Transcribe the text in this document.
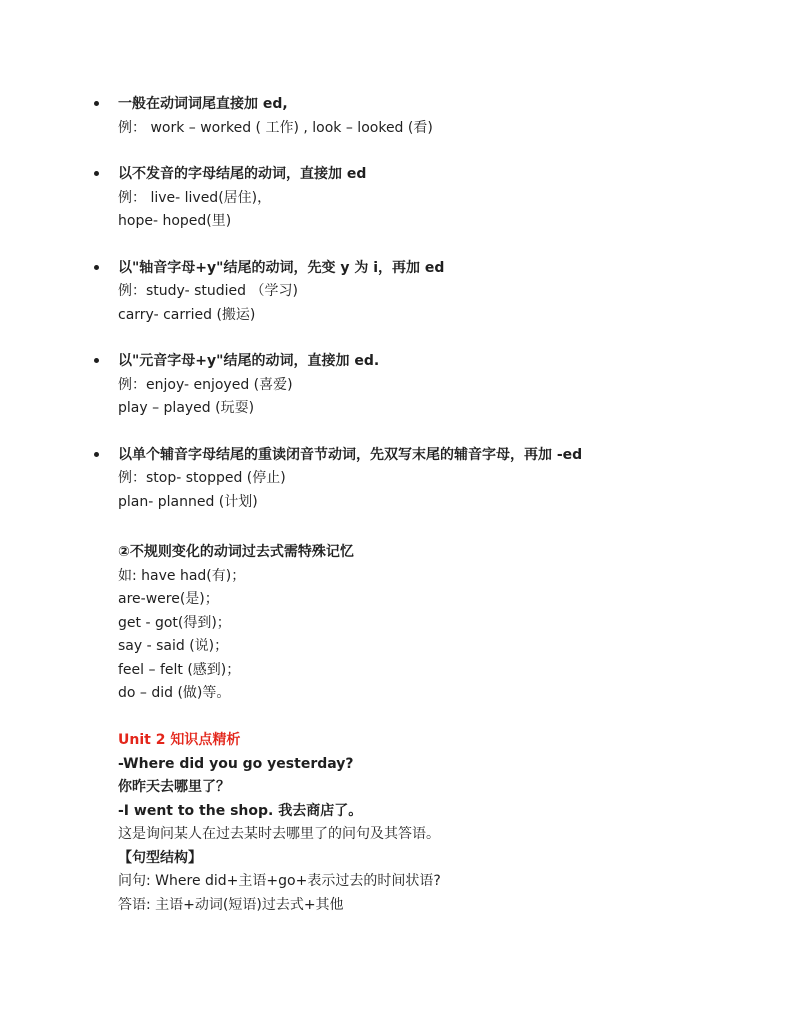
一般在动词词尾直接加 ed,
例： work – worked ( 工作) , look – looked (看)
以不发音的字母结尾的动词，直接加 ed
例： live- lived(居住)，
hope- hoped(里)
以"轴音字母+y"结尾的动词，先变 y 为 i，再加 ed
例：study- studied （学习)
carry- carried (搬运)
以"元音字母+y"结尾的动词，直接加 ed.
例：enjoy- enjoyed (喜爱)
play – played (玩耍)
以单个辅音字母结尾的重读闭音节动词，先双写末尾的辅音字母，再加 -ed
例：stop- stopped (停止)
plan- planned (计划)
②不规则变化的动词过去式需特殊记忆
如: have had(有)；
are-were(是)；
get - got(得到)；
say - said (说)；
feel – felt (感到)；
do – did (做)等。
Unit 2 知识点精析
-Where did you go yesterday?
你昨天去哪里了？
-I went to the shop. 我去商店了。
这是询问某人在过去某时去哪里了的问句及其答语。
【句型结构】
问句: Where did+主语+go+表示过去的时间状语?
答语: 主语+动词(短语)过去式+其他
